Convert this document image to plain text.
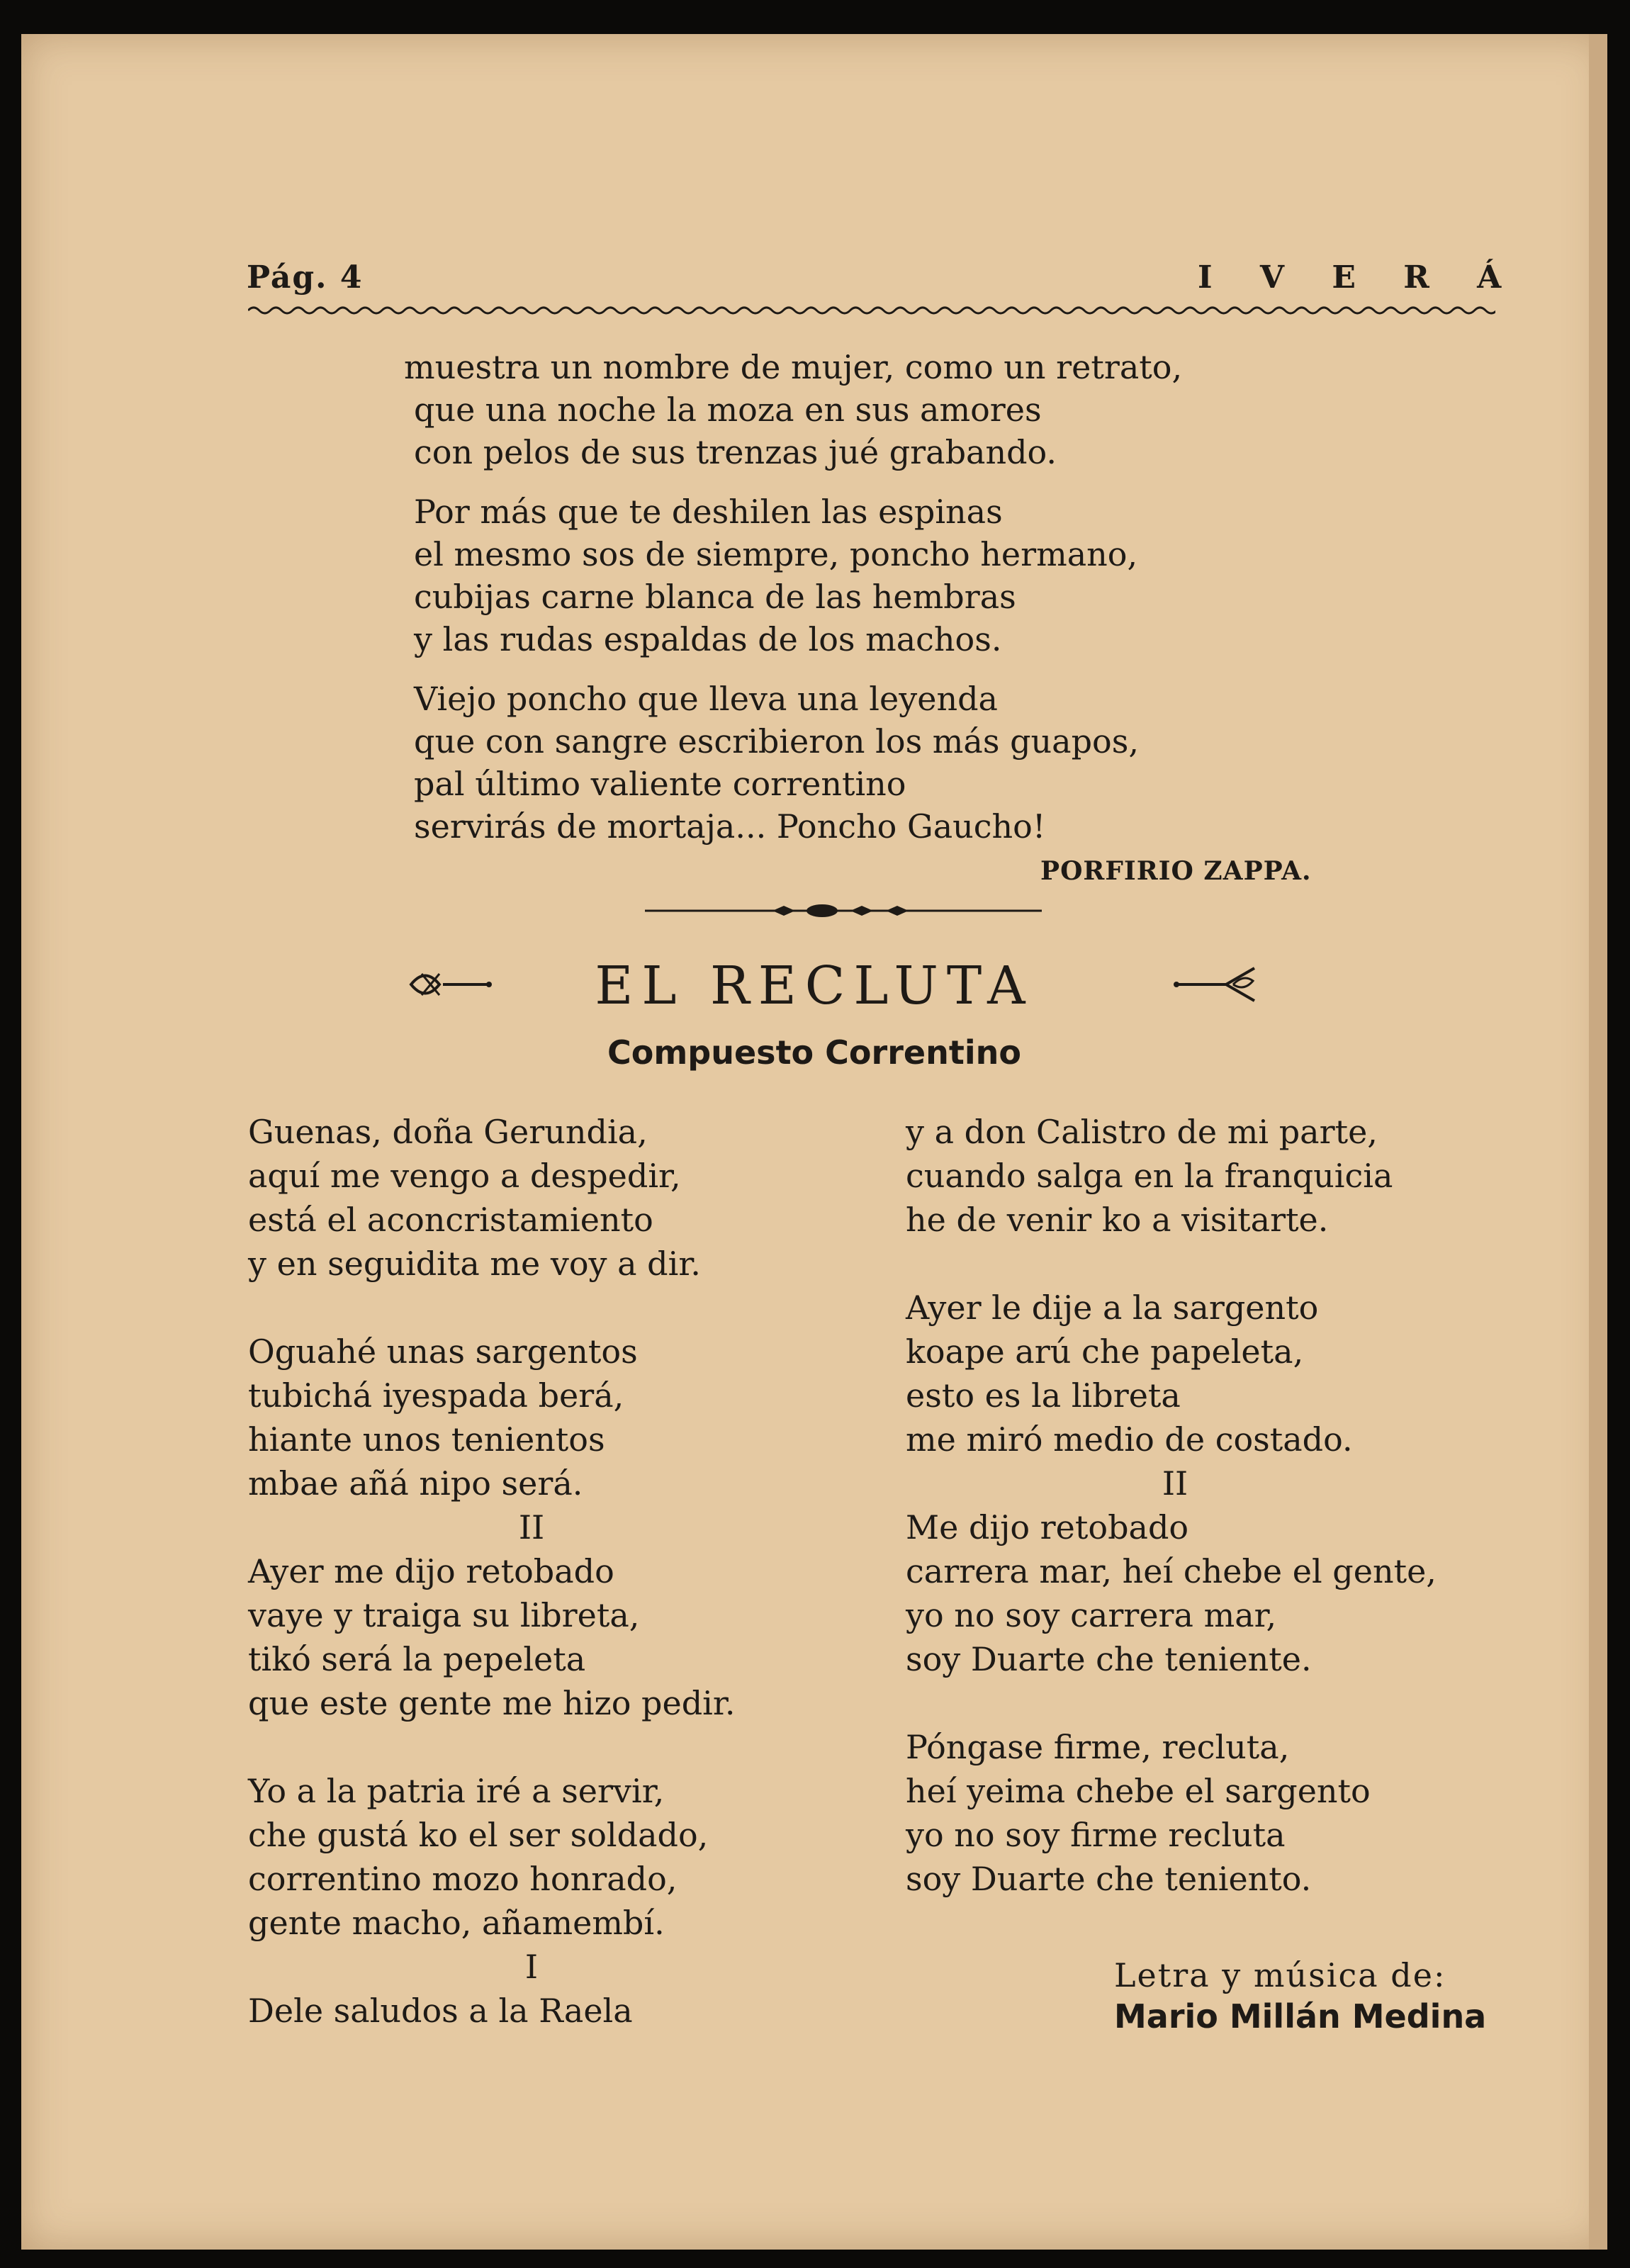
Pág. 4	I V E R Á
muestra un nombre de mujer, como un retrato,
que una noche la moza en sus amores
con pelos de sus trenzas jué grabando.
Por más que te deshilen las espinas
el mesmo sos de siempre, poncho hermano,
cubijas carne blanca de las hembras
y las rudas espaldas de los machos.
Viejo poncho que lleva una leyenda
que con sangre escribieron los más guapos,
pal último valiente correntino
servirás de mortaja... Poncho Gaucho!
PORFIRIO ZAPPA.
EL RECLUTA
Compuesto Correntino
Guenas, doña Gerundia,
aquí me vengo a despedir,
está el aconcristamiento
y en seguidita me voy a dir.
Oguahé unas sargentos
tubichá iyespada berá,
hiante unos tenientos
mbae añá nipo será.
II
Ayer me dijo retobado
vaye y traiga su libreta,
tikó será la pepeleta
que este gente me hizo pedir.
Yo a la patria iré a servir,
che gustá ko el ser soldado,
correntino mozo honrado,
gente macho, añamembí.
I
Dele saludos a la Raela
y a don Calistro de mi parte,
cuando salga en la franquicia
he de venir ko a visitarte.
Ayer le dije a la sargento
koape arú che papeleta,
esto es la libreta
me miró medio de costado.
II
Me dijo retobado
carrera mar, heí chebe el gente,
yo no soy carrera mar,
soy Duarte che teniente.
Póngase firme, recluta,
heí yeima chebe el sargento
yo no soy firme recluta
soy Duarte che teniento.
Letra y música de:
Mario Millán Medina
